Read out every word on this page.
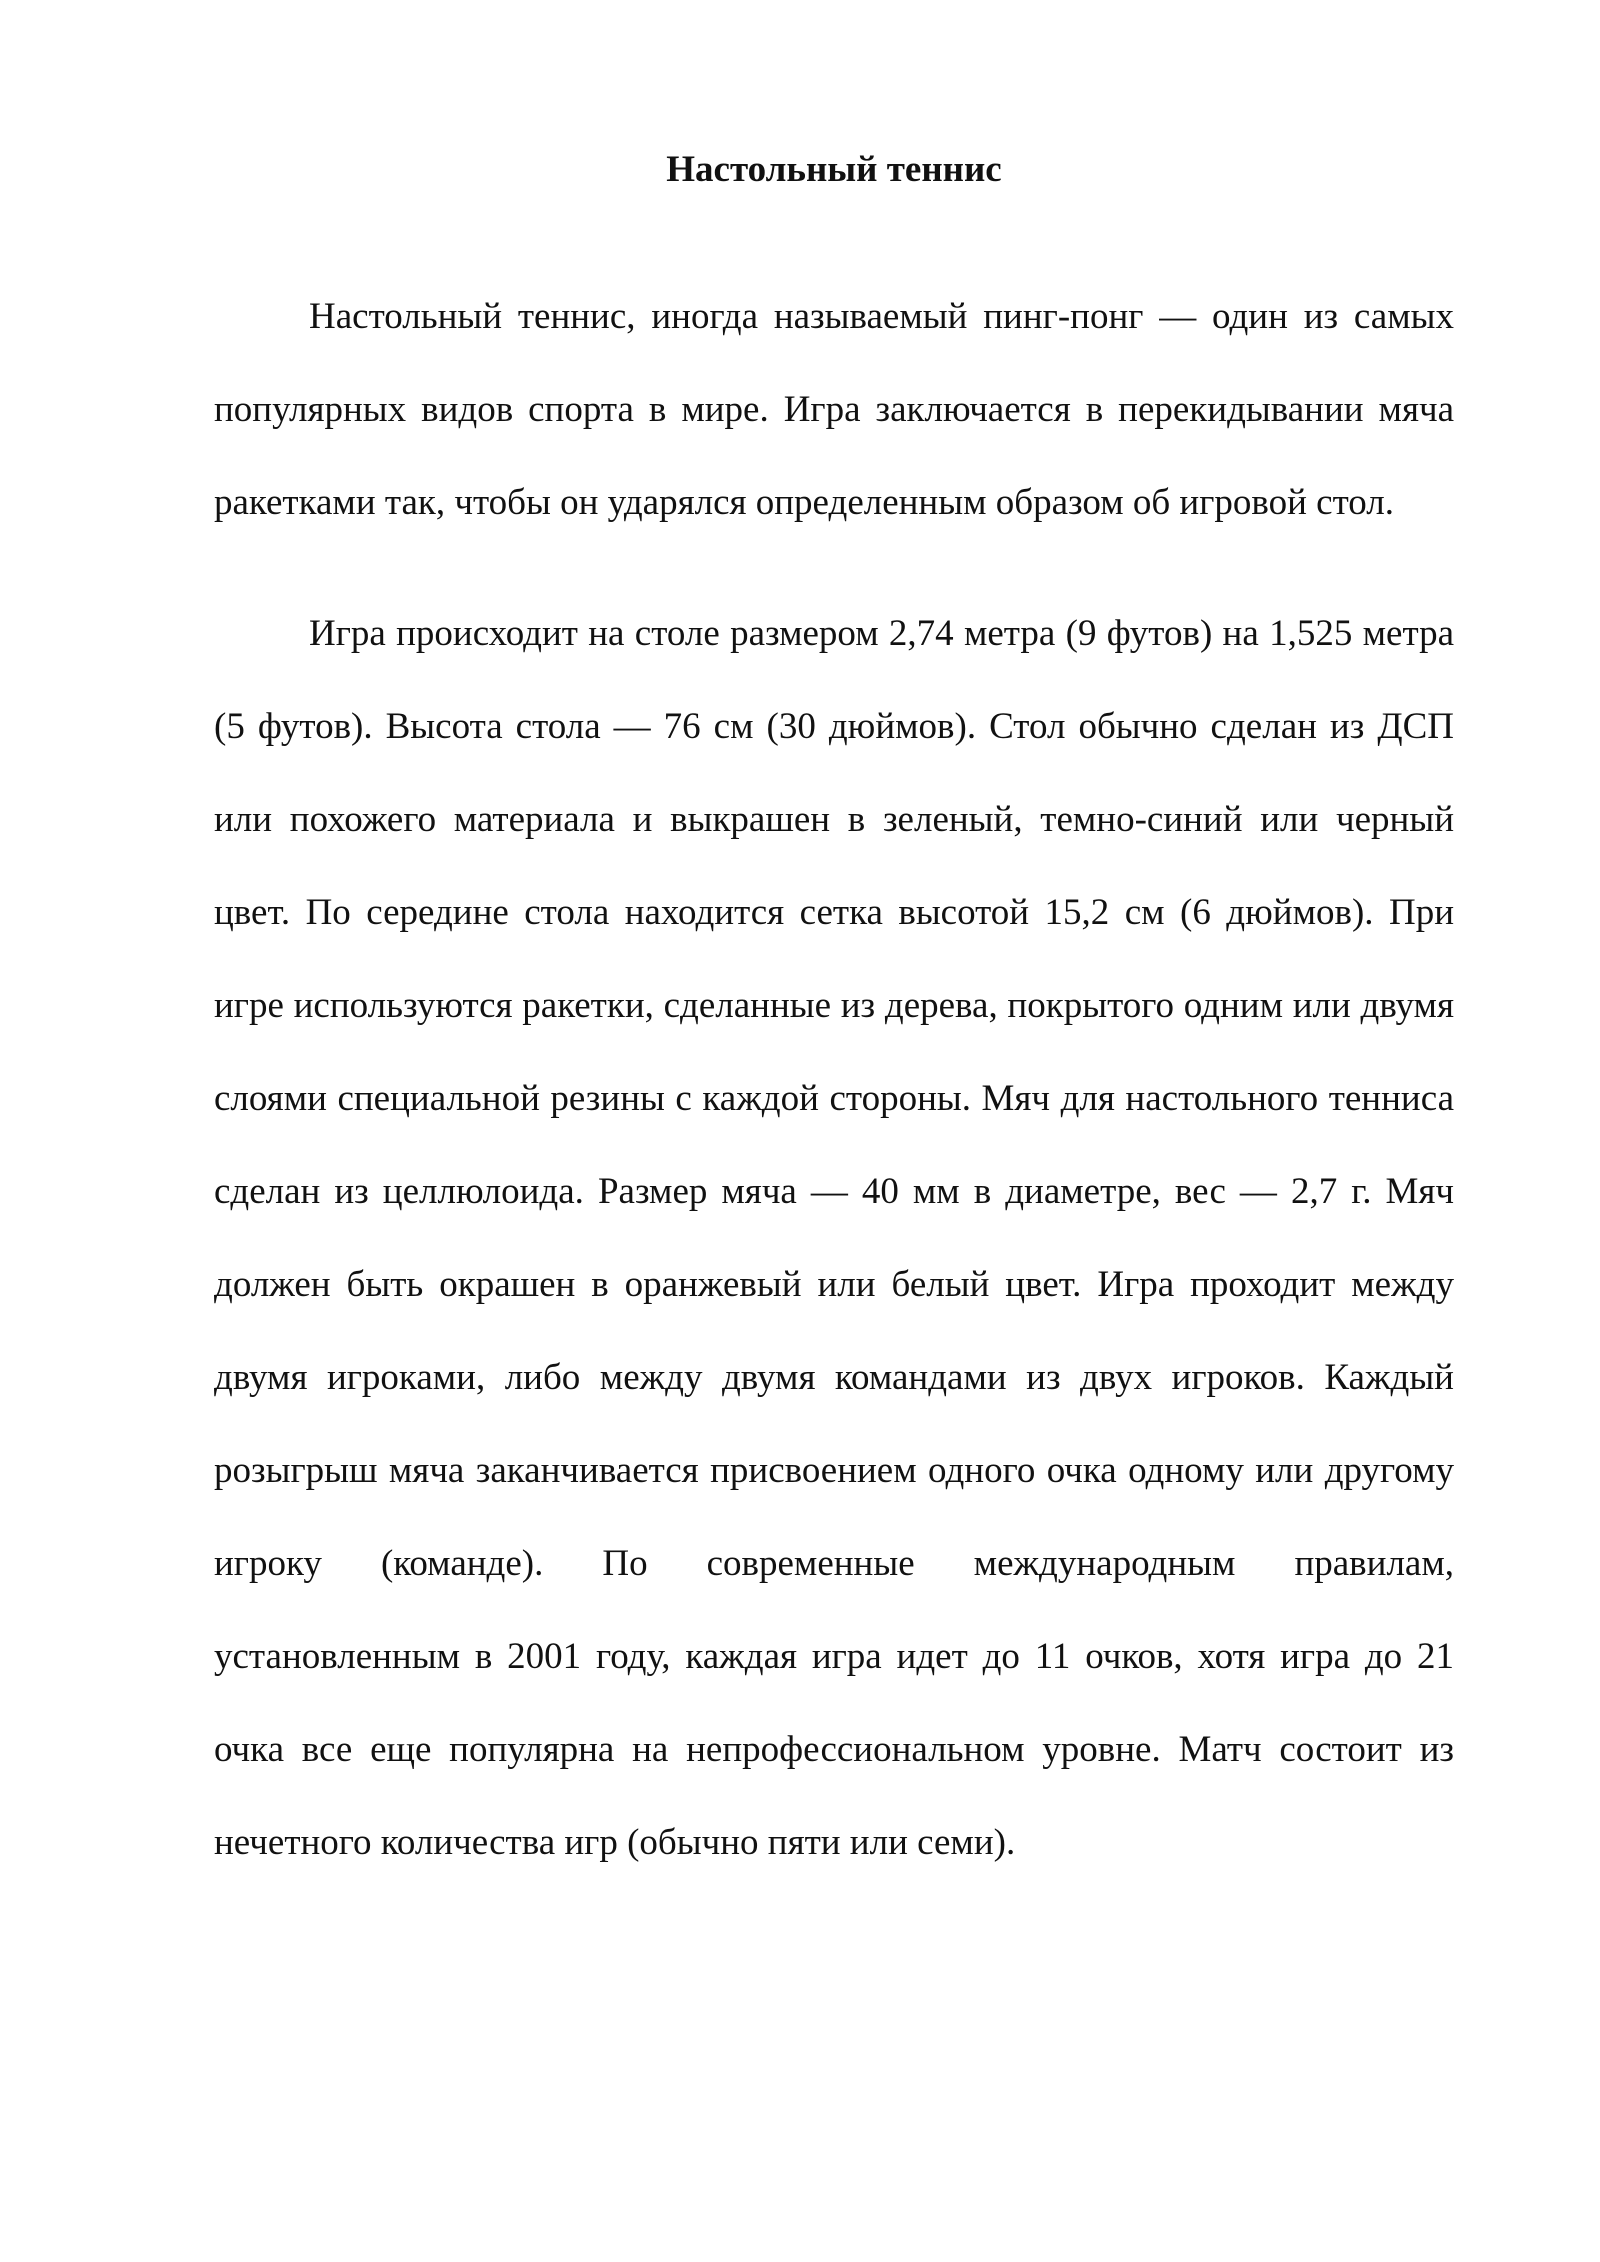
Настольный теннис

Настольный теннис, иногда называемый пинг-понг — один из самых популярных видов спорта в мире. Игра заключается в перекидывании мяча ракетками так, чтобы он ударялся определенным образом об игровой стол.

Игра происходит на столе размером 2,74 метра (9 футов) на 1,525 метра (5 футов). Высота стола — 76 см (30 дюймов). Стол обычно сделан из ДСП или похожего материала и выкрашен в зеленый, темно-синий или черный цвет. По середине стола находится сетка высотой 15,2 см (6 дюймов). При игре используются ракетки, сделанные из дерева, покрытого одним или двумя слоями специальной резины с каждой стороны. Мяч для настольного тенниса сделан из целлюлоида. Размер мяча — 40 мм в диаметре, вес — 2,7 г. Мяч должен быть окрашен в оранжевый или белый цвет. Игра проходит между двумя игроками, либо между двумя командами из двух игроков. Каждый розыгрыш мяча заканчивается присвоением одного очка одному или другому игроку (команде). По современные международным правилам, установленным в 2001 году, каждая игра идет до 11 очков, хотя игра до 21 очка все еще популярна на непрофессиональном уровне. Матч состоит из нечетного количества игр (обычно пяти или семи).
